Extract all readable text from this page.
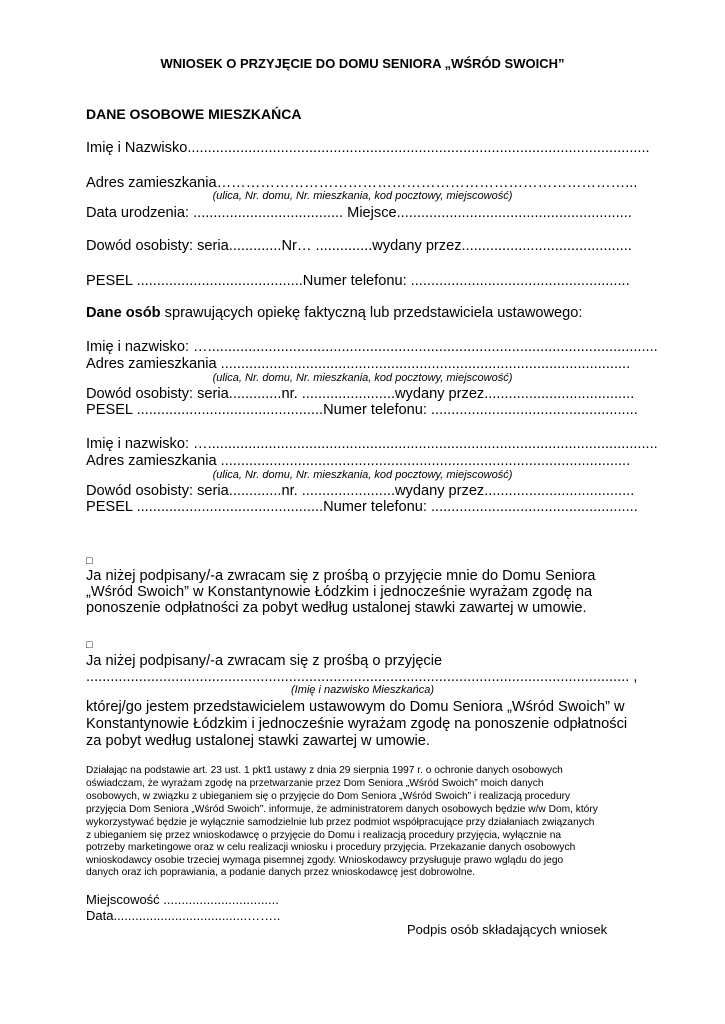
WNIOSEK O PRZYJĘCIE DO DOMU SENIORA „WŚRÓD SWOICH”
DANE OSOBOWE MIESZKAŃCA
Imię i Nazwisko..................................................................................................................
Adres zamieszkania…………………………………………………………………………...
(ulica, Nr. domu, Nr. mieszkania, kod pocztowy, miejscowość)
Data urodzenia: ..................................... Miejsce..........................................................
Dowód osobisty: seria.............Nr… ..............wydany przez..........................................
PESEL .........................................Numer telefonu: ......................................................
Dane osób sprawujących opiekę faktyczną lub przedstawiciela ustawowego:
Imię i nazwisko: …...............................................................................................................
Adres zamieszkania .....................................................................................................
(ulica, Nr. domu, Nr. mieszkania, kod pocztowy, miejscowość)
Dowód osobisty: seria.............nr. .......................wydany przez.....................................
PESEL ..............................................Numer telefonu: ...................................................
Imię i nazwisko: …...............................................................................................................
Adres zamieszkania .....................................................................................................
(ulica, Nr. domu, Nr. mieszkania, kod pocztowy, miejscowość)
Dowód osobisty: seria.............nr. .......................wydany przez.....................................
PESEL ..............................................Numer telefonu: ...................................................
□
Ja niżej podpisany/-a zwracam się z prośbą o przyjęcie mnie do Domu Seniora
„Wśród Swoich” w Konstantynowie Łódzkim i jednocześnie wyrażam zgodę na
ponoszenie odpłatności za pobyt według ustalonej stawki zawartej w umowie.
□
Ja niżej podpisany/-a zwracam się z prośbą o przyjęcie
...................................................................................................................................... ,
(Imię i nazwisko Mieszkańca)
której/go jestem przedstawicielem ustawowym do Domu Seniora „Wśród Swoich” w
Konstantynowie Łódzkim i jednocześnie wyrażam zgodę na ponoszenie odpłatności
za pobyt według ustalonej stawki zawartej w umowie.
Działając na podstawie art. 23 ust. 1 pkt1 ustawy z dnia 29 sierpnia 1997 r. o ochronie danych osobowych
oświadczam, że wyrażam zgodę na przetwarzanie przez Dom Seniora „Wśród Swoich” moich danych
osobowych, w związku z ubieganiem się o przyjęcie do Dom Seniora „Wśród Swoich” i realizacją procedury
przyjęcia Dom Seniora „Wśród Swoich”. informuje, że administratorem danych osobowych będzie w/w Dom, który
wykorzystywać będzie je wyłącznie samodzielnie lub przez podmiot współpracujące przy działaniach związanych
z ubieganiem się przez wnioskodawcę o przyjęcie do Domu i realizacją procedury przyjęcia, wyłącznie na
potrzeby marketingowe oraz w celu realizacji wniosku i procedury przyjęcia. Przekazanie danych osobowych
wnioskodawcy osobie trzeciej wymaga pisemnej zgody. Wnioskodawcy przysługuje prawo wglądu do jego
danych oraz ich poprawiania, a podanie danych przez wnioskodawcę jest dobrowolne.
Miejscowość ................................
Data.....................................……..
Podpis osób składających wniosek
